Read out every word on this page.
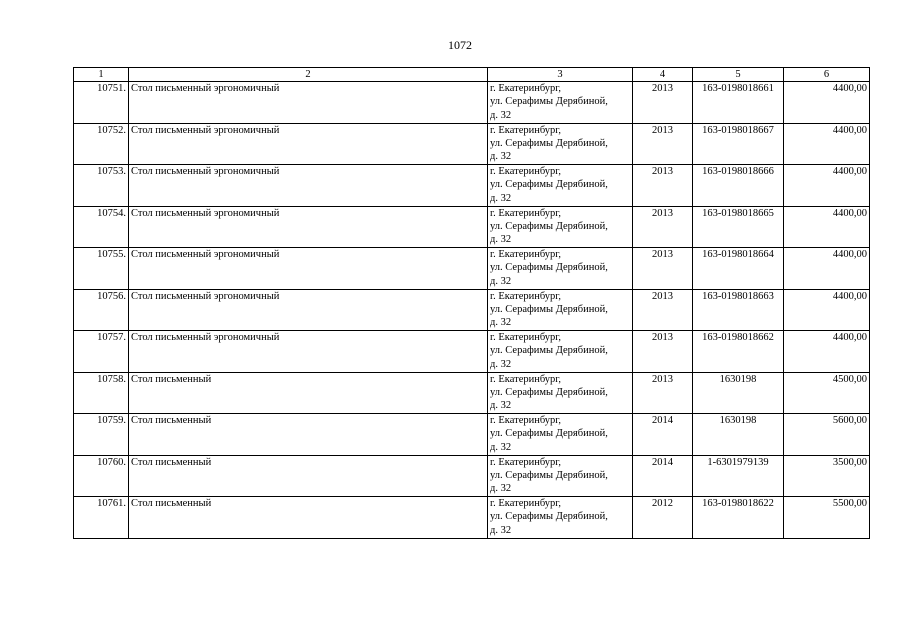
1072
1	2	3	4	5	6
10751.	Стол письменный эргономичный	г. Екатеринбург,
ул. Серафимы Дерябиной,
д. 32	2013	163-0198018661	4400,00
10752.	Стол письменный эргономичный	г. Екатеринбург,
ул. Серафимы Дерябиной,
д. 32	2013	163-0198018667	4400,00
10753.	Стол письменный эргономичный	г. Екатеринбург,
ул. Серафимы Дерябиной,
д. 32	2013	163-0198018666	4400,00
10754.	Стол письменный эргономичный	г. Екатеринбург,
ул. Серафимы Дерябиной,
д. 32	2013	163-0198018665	4400,00
10755.	Стол письменный эргономичный	г. Екатеринбург,
ул. Серафимы Дерябиной,
д. 32	2013	163-0198018664	4400,00
10756.	Стол письменный эргономичный	г. Екатеринбург,
ул. Серафимы Дерябиной,
д. 32	2013	163-0198018663	4400,00
10757.	Стол письменный эргономичный	г. Екатеринбург,
ул. Серафимы Дерябиной,
д. 32	2013	163-0198018662	4400,00
10758.	Стол письменный	г. Екатеринбург,
ул. Серафимы Дерябиной,
д. 32	2013	1630198	4500,00
10759.	Стол письменный	г. Екатеринбург,
ул. Серафимы Дерябиной,
д. 32	2014	1630198	5600,00
10760.	Стол письменный	г. Екатеринбург,
ул. Серафимы Дерябиной,
д. 32	2014	1-6301979139	3500,00
10761.	Стол письменный	г. Екатеринбург,
ул. Серафимы Дерябиной,
д. 32	2012	163-0198018622	5500,00
